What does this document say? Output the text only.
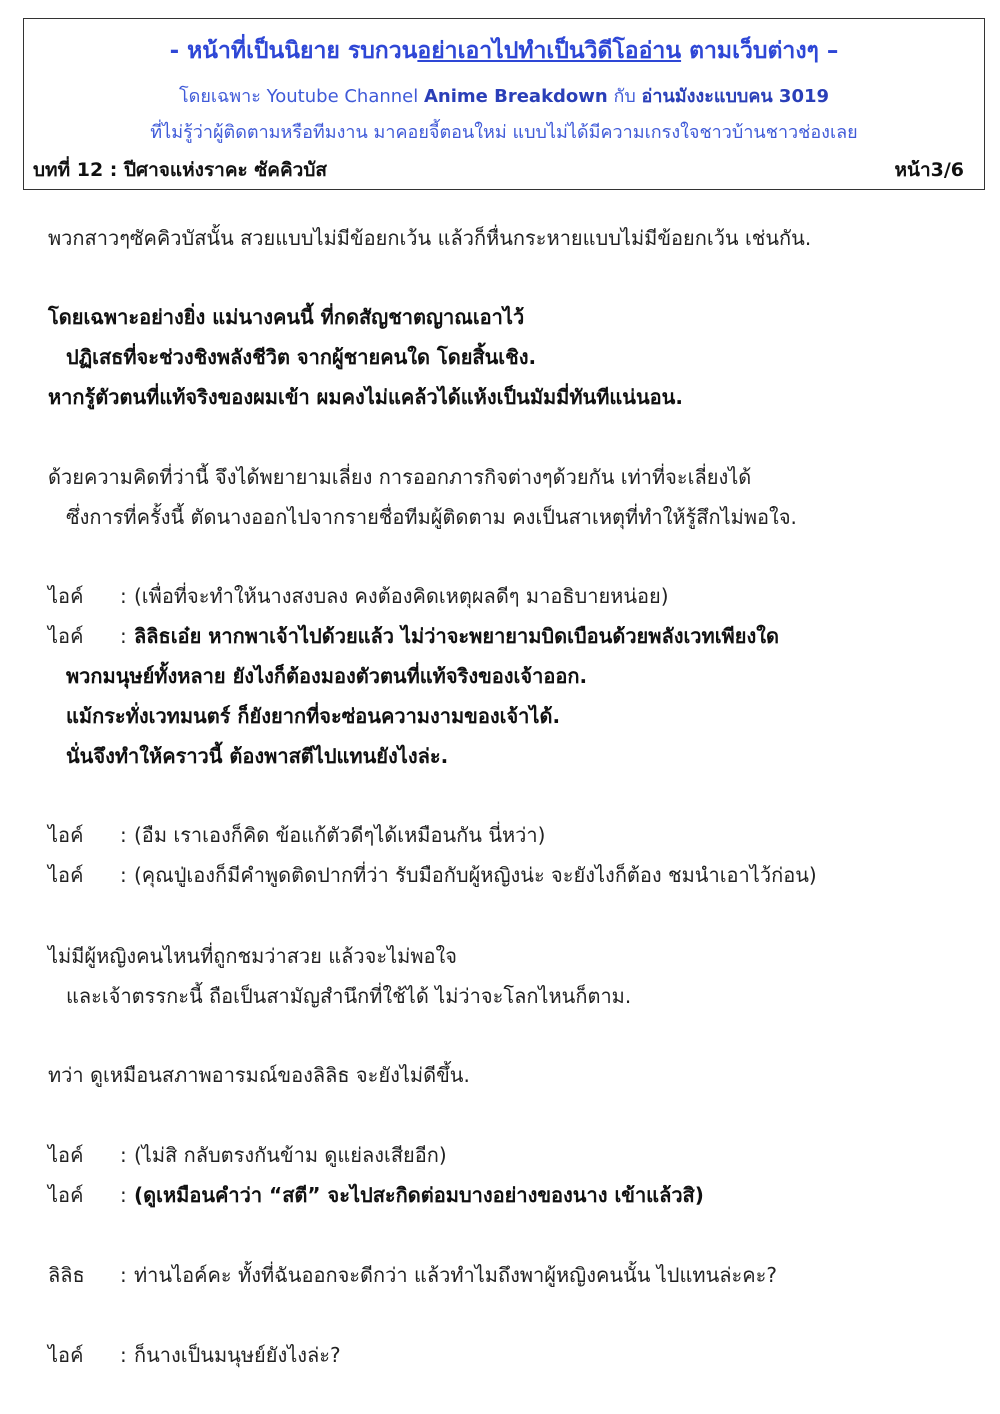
- หน้าที่เป็นนิยาย รบกวนอย่าเอาไปทำเป็นวิดีโออ่าน ตามเว็บต่างๆ –
โดยเฉพาะ Youtube Channel Anime Breakdown กับ อ่านมังงะแบบคน 3019
ที่ไม่รู้ว่าผู้ติดตามหรือทีมงาน มาคอยจี้ตอนใหม่ แบบไม่ได้มีความเกรงใจชาวบ้านชาวช่องเลย
บทที่ 12 : ปีศาจแห่งราคะ ซัคคิวบัส	หน้า3/6
พวกสาวๆซัคคิวบัสนั้น สวยแบบไม่มีข้อยกเว้น แล้วก็หื่นกระหายแบบไม่มีข้อยกเว้น เช่นกัน.
โดยเฉพาะอย่างยิ่ง แม่นางคนนี้ ที่กดสัญชาตญาณเอาไว้
ปฏิเสธที่จะช่วงชิงพลังชีวิต จากผู้ชายคนใด โดยสิ้นเชิง.
หากรู้ตัวตนที่แท้จริงของผมเข้า ผมคงไม่แคล้วได้แห้งเป็นมัมมี่ทันทีแน่นอน.
ด้วยความคิดที่ว่านี้ จึงได้พยายามเลี่ยง การออกภารกิจต่างๆด้วยกัน เท่าที่จะเลี่ยงได้
ซึ่งการที่ครั้งนี้ ตัดนางออกไปจากรายชื่อทีมผู้ติดตาม คงเป็นสาเหตุที่ทำให้รู้สึกไม่พอใจ.
ไอค์ : (เพื่อที่จะทำให้นางสงบลง คงต้องคิดเหตุผลดีๆ มาอธิบายหน่อย)
ไอค์ : ลิลิธเอ๋ย หากพาเจ้าไปด้วยแล้ว ไม่ว่าจะพยายามบิดเบือนด้วยพลังเวทเพียงใด
พวกมนุษย์ทั้งหลาย ยังไงก็ต้องมองตัวตนที่แท้จริงของเจ้าออก.
แม้กระทั่งเวทมนตร์ ก็ยังยากที่จะซ่อนความงามของเจ้าได้.
นั่นจึงทำให้คราวนี้ ต้องพาสตีไปแทนยังไงล่ะ.
ไอค์ : (อืม เราเองก็คิด ข้อแก้ตัวดีๆได้เหมือนกัน นี่หว่า)
ไอค์ : (คุณปู่เองก็มีคำพูดติดปากที่ว่า รับมือกับผู้หญิงน่ะ จะยังไงก็ต้อง ชมนำเอาไว้ก่อน)
ไม่มีผู้หญิงคนไหนที่ถูกชมว่าสวย แล้วจะไม่พอใจ
และเจ้าตรรกะนี้ ถือเป็นสามัญสำนึกที่ใช้ได้ ไม่ว่าจะโลกไหนก็ตาม.
ทว่า ดูเหมือนสภาพอารมณ์ของลิลิธ จะยังไม่ดีขึ้น.
ไอค์ : (ไม่สิ กลับตรงกันข้าม ดูแย่ลงเสียอีก)
ไอค์ : (ดูเหมือนคำว่า “สตี” จะไปสะกิดต่อมบางอย่างของนาง เข้าแล้วสิ)
ลิลิธ : ท่านไอค์คะ ทั้งที่ฉันออกจะดีกว่า แล้วทำไมถึงพาผู้หญิงคนนั้น ไปแทนล่ะคะ?
ไอค์ : ก็นางเป็นมนุษย์ยังไงล่ะ?
